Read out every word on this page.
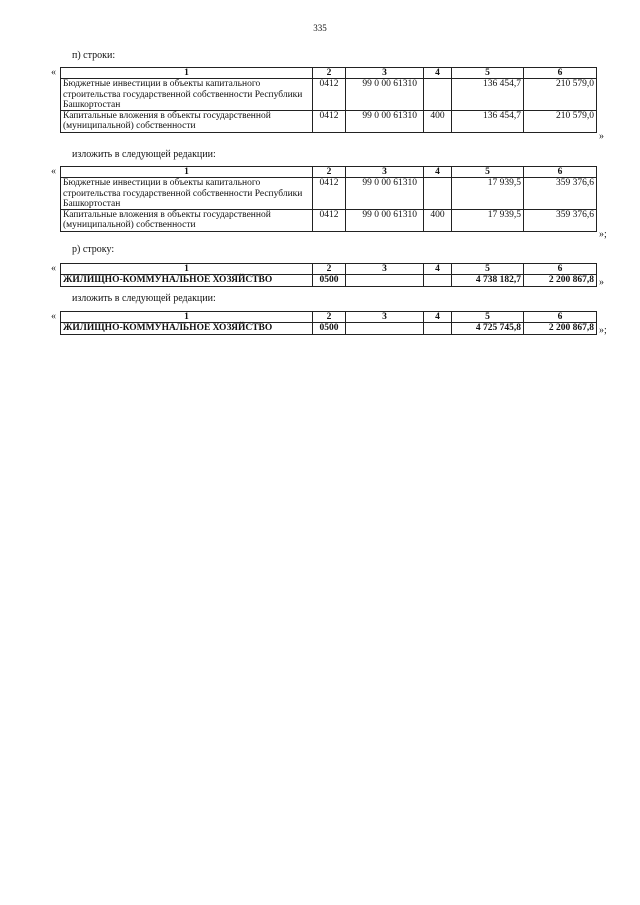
335
п) строки:
«	1	2	3	4	5	6
Бюджетные инвестиции в объекты капитального строительства государственной собственности Республики Башкортостан	0412	99 0 00 61310		136 454,7	210 579,0
Капитальные вложения в объекты государственной (муниципальной) собственности	0412	99 0 00 61310	400	136 454,7	210 579,0
»
изложить в следующей редакции:
«	1	2	3	4	5	6
Бюджетные инвестиции в объекты капитального строительства государственной собственности Республики Башкортостан	0412	99 0 00 61310		17 939,5	359 376,6
Капитальные вложения в объекты государственной (муниципальной) собственности	0412	99 0 00 61310	400	17 939,5	359 376,6
»;
р) строку:
«	1	2	3	4	5	6
ЖИЛИЩНО-КОММУНАЛЬНОЕ ХОЗЯЙСТВО	0500			4 738 182,7	2 200 867,8 »
изложить в следующей редакции:
«	1	2	3	4	5	6
ЖИЛИЩНО-КОММУНАЛЬНОЕ ХОЗЯЙСТВО	0500			4 725 745,8	2 200 867,8 »;
